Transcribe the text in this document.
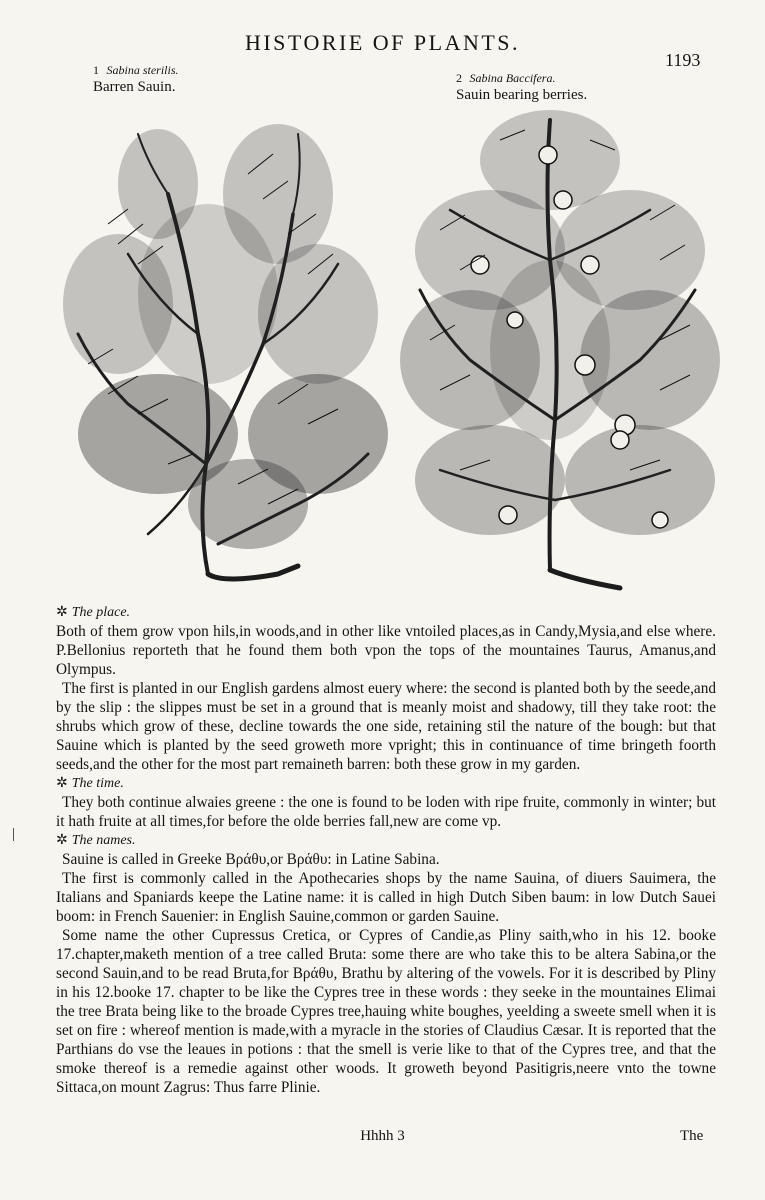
HISTORIE OF PLANTS.
1193
1 Sabina sterilis.
Barren Sauin.
2 Sabina Baccifera.
Sauin bearing berries.

✲ The place.

Both of them grow vpon hils,in woods,and in other like vntoiled places,as in Candy,Mysia,and else where. P.Bellonius reporteth that he found them both vpon the tops of the mountaines Taurus, Amanus,and Olympus.

The first is planted in our English gardens almost euery where: the second is planted both by the seede,and by the slip : the slippes must be set in a ground that is meanly moist and shadowy, till they take root: the shrubs which grow of these, decline towards the one side, retaining stil the nature of the bough: but that Sauine which is planted by the seed groweth more vpright; this in continuance of time bringeth foorth seeds,and the other for the most part remaineth barren: both these grow in my garden.

✲ The time.

They both continue alwaies greene : the one is found to be loden with ripe fruite, commonly in winter; but it hath fruite at all times,for before the olde berries fall,new are come vp.

✲ The names.

Sauine is called in Greeke Βράθυ,or Βράθυ: in Latine Sabina.

The first is commonly called in the Apothecaries shops by the name Sauina, of diuers Sauimera, the Italians and Spaniards keepe the Latine name: it is called in high Dutch Siben baum: in low Dutch Sauei boom: in French Sauenier: in English Sauine,common or garden Sauine.

Some name the other Cupressus Cretica, or Cypres of Candie,as Pliny saith,who in his 12. booke 17.chapter,maketh mention of a tree called Bruta: some there are who take this to be altera Sabina,or the second Sauin,and to be read Bruta,for Βράθυ, Brathu by altering of the vowels. For it is described by Pliny in his 12.booke 17. chapter to be like the Cypres tree in these words : they seeke in the mountaines Elimai the tree Brata being like to the broade Cypres tree,hauing white boughes, yeelding a sweete smell when it is set on fire : whereof mention is made,with a myracle in the stories of Claudius Cæsar. It is reported that the Parthians do vse the leaues in potions : that the smell is verie like to that of the Cypres tree, and that the smoke thereof is a remedie against other woods. It groweth beyond Pasitigris,neere vnto the towne Sittaca,on mount Zagrus: Thus farre Plinie.

|
Hhhh 3	The
